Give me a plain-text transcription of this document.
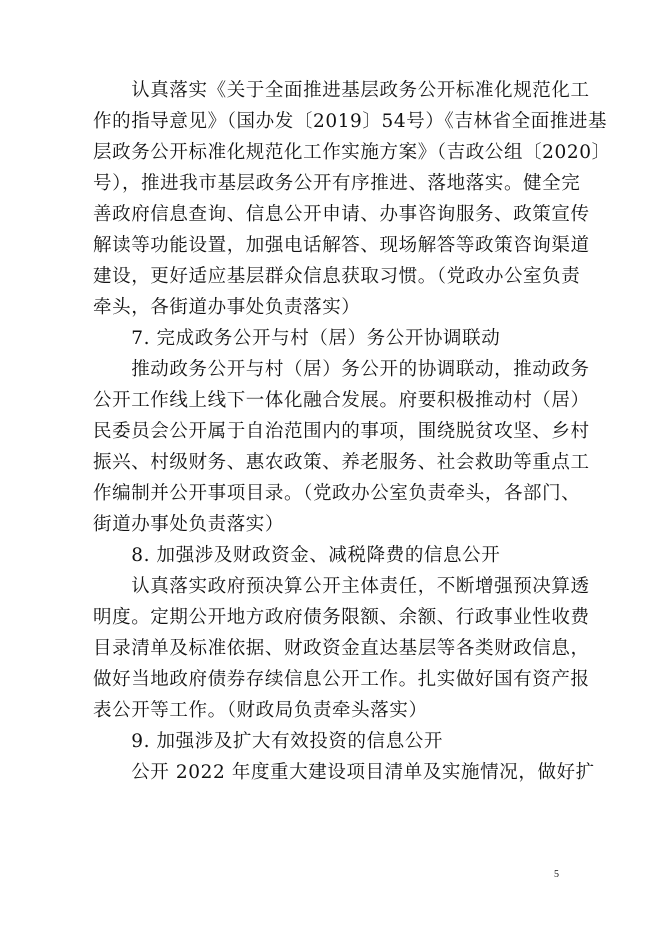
　　认真落实《关于全面推进基层政务公开标准化规范化工
作的指导意见》（国办发〔2019〕54号）《吉林省全面推进基
层政务公开标准化规范化工作实施方案》（吉政公组〔2020〕
号），推进我市基层政务公开有序推进、落地落实。健全完
善政府信息查询、信息公开申请、办事咨询服务、政策宣传
解读等功能设置，加强电话解答、现场解答等政策咨询渠道
建设，更好适应基层群众信息获取习惯。（党政办公室负责
牵头，各街道办事处负责落实）
　　7. 完成政务公开与村（居）务公开协调联动
　　推动政务公开与村（居）务公开的协调联动，推动政务
公开工作线上线下一体化融合发展。府要积极推动村（居）
民委员会公开属于自治范围内的事项，围绕脱贫攻坚、乡村
振兴、村级财务、惠农政策、养老服务、社会救助等重点工
作编制并公开事项目录。（党政办公室负责牵头，各部门、
街道办事处负责落实）
　　8. 加强涉及财政资金、减税降费的信息公开
　　认真落实政府预决算公开主体责任，不断增强预决算透
明度。定期公开地方政府债务限额、余额、行政事业性收费
目录清单及标准依据、财政资金直达基层等各类财政信息，
做好当地政府债券存续信息公开工作。扎实做好国有资产报
表公开等工作。（财政局负责牵头落实）
　　9. 加强涉及扩大有效投资的信息公开
　　公开 2022 年度重大建设项目清单及实施情况，做好扩
5
